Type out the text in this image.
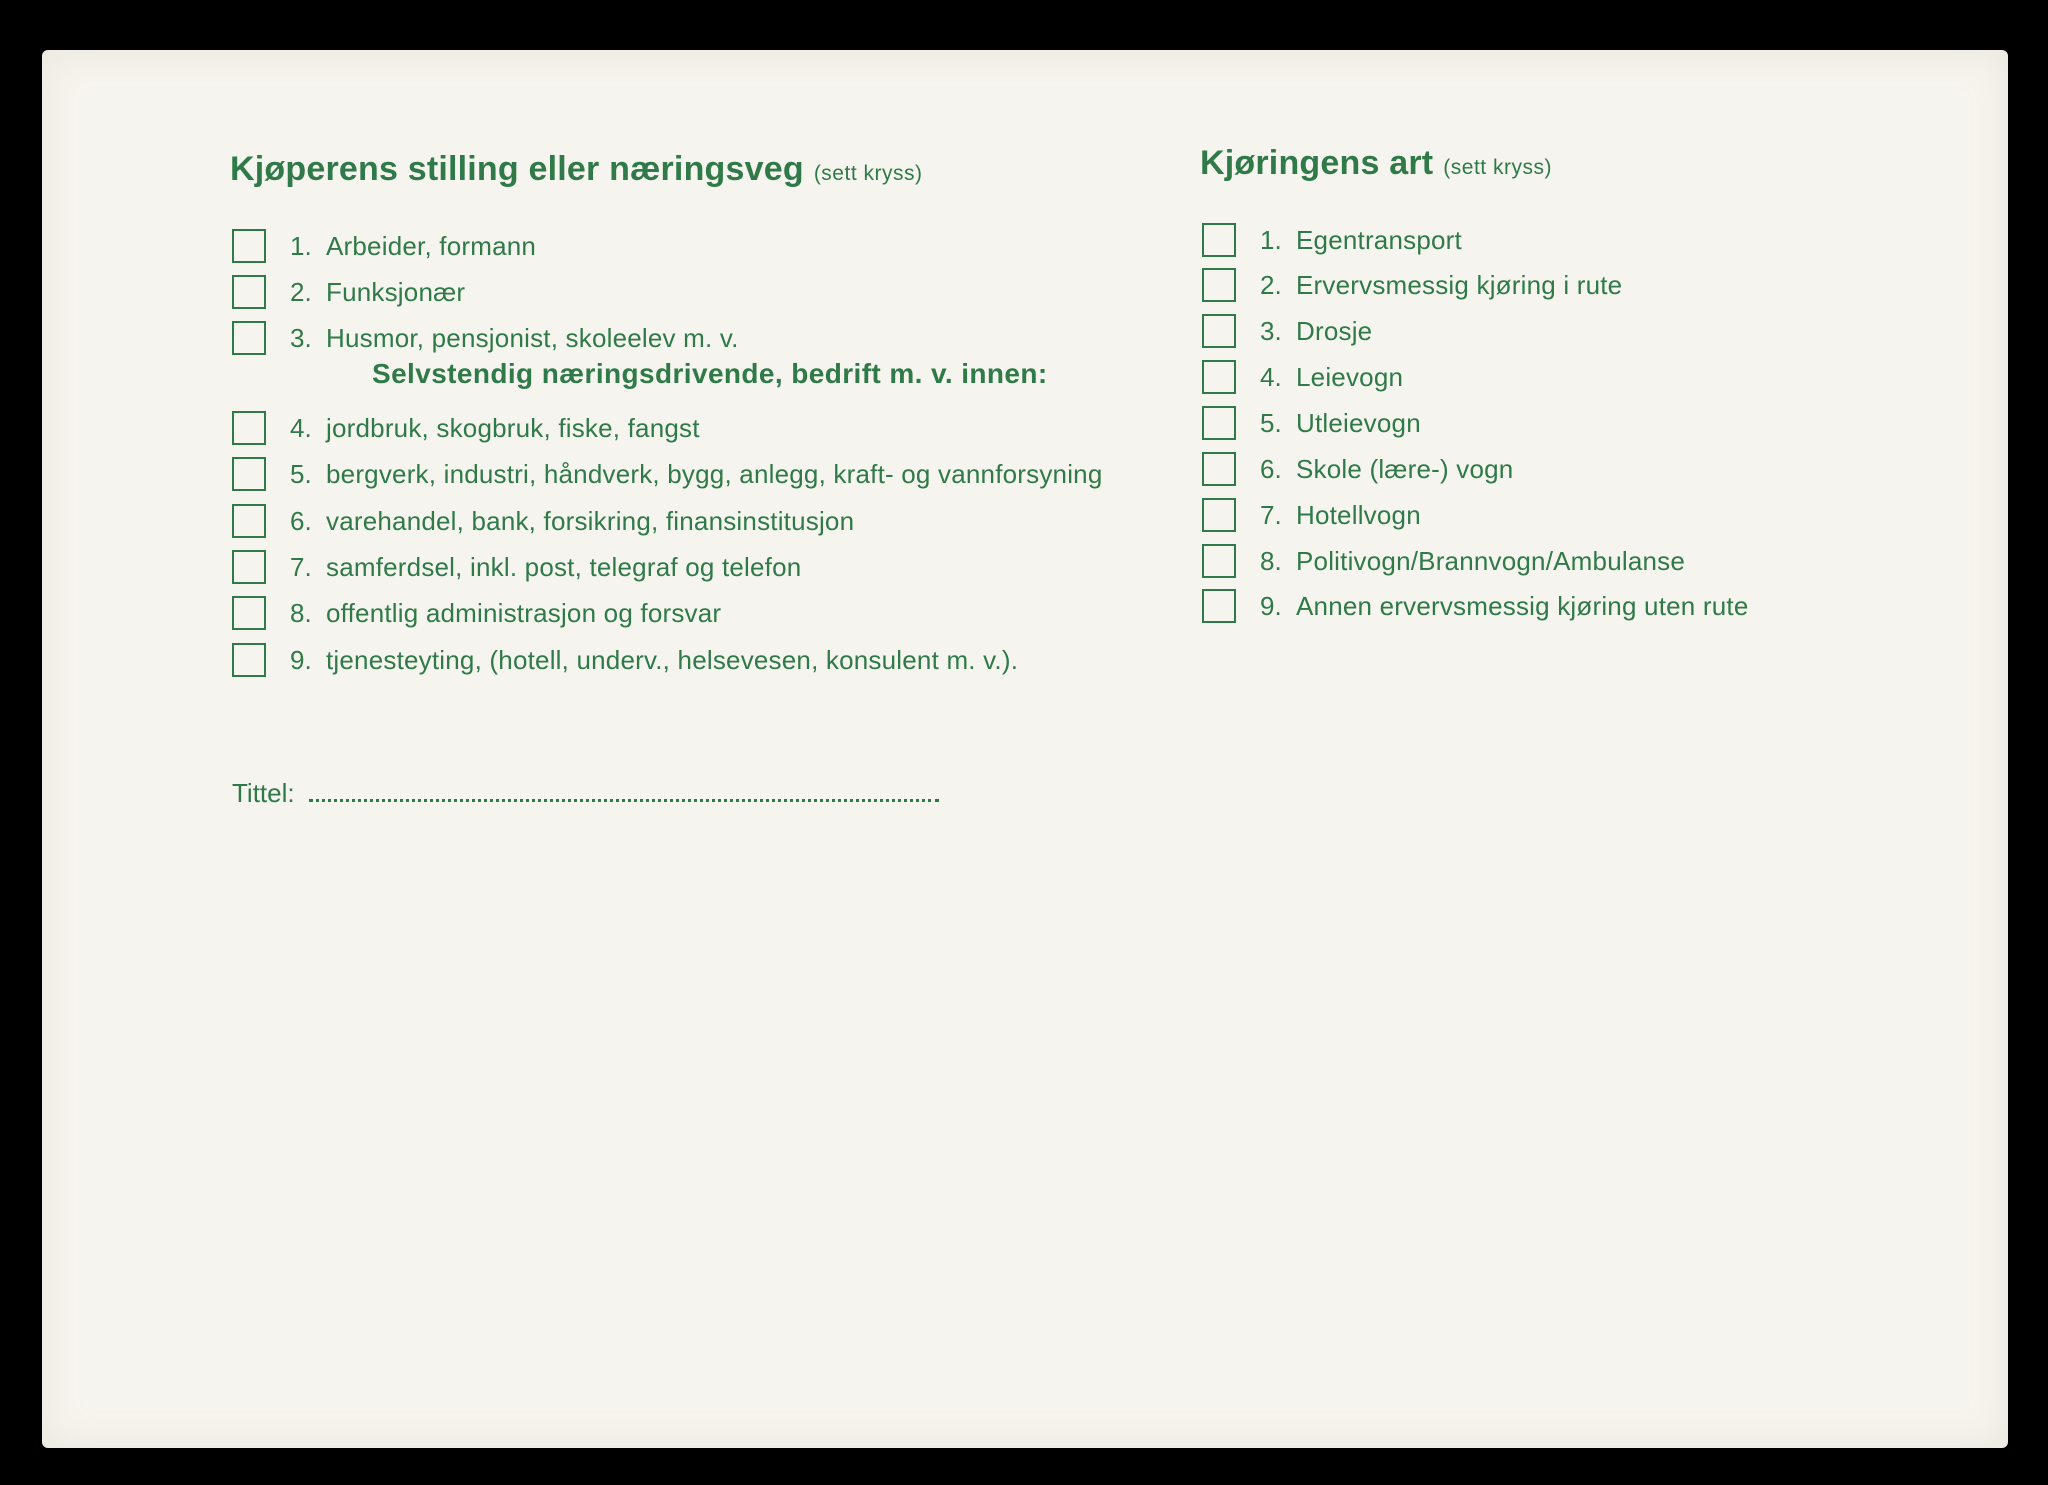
Kjøperens stilling eller næringsveg (sett kryss)
1. Arbeider, formann
2. Funksjonær
3. Husmor, pensjonist, skoleelev m. v.
Selvstendig næringsdrivende, bedrift m. v. innen:
4. jordbruk, skogbruk, fiske, fangst
5. bergverk, industri, håndverk, bygg, anlegg, kraft- og vannforsyning
6. varehandel, bank, forsikring, finansinstitusjon
7. samferdsel, inkl. post, telegraf og telefon
8. offentlig administrasjon og forsvar
9. tjenesteyting, (hotell, underv., helsevesen, konsulent m. v.).
Tittel:
Kjøringens art (sett kryss)
1. Egentransport
2. Ervervsmessig kjøring i rute
3. Drosje
4. Leievogn
5. Utleievogn
6. Skole (lære-) vogn
7. Hotellvogn
8. Politivogn/Brannvogn/Ambulanse
9. Annen ervervsmessig kjøring uten rute
